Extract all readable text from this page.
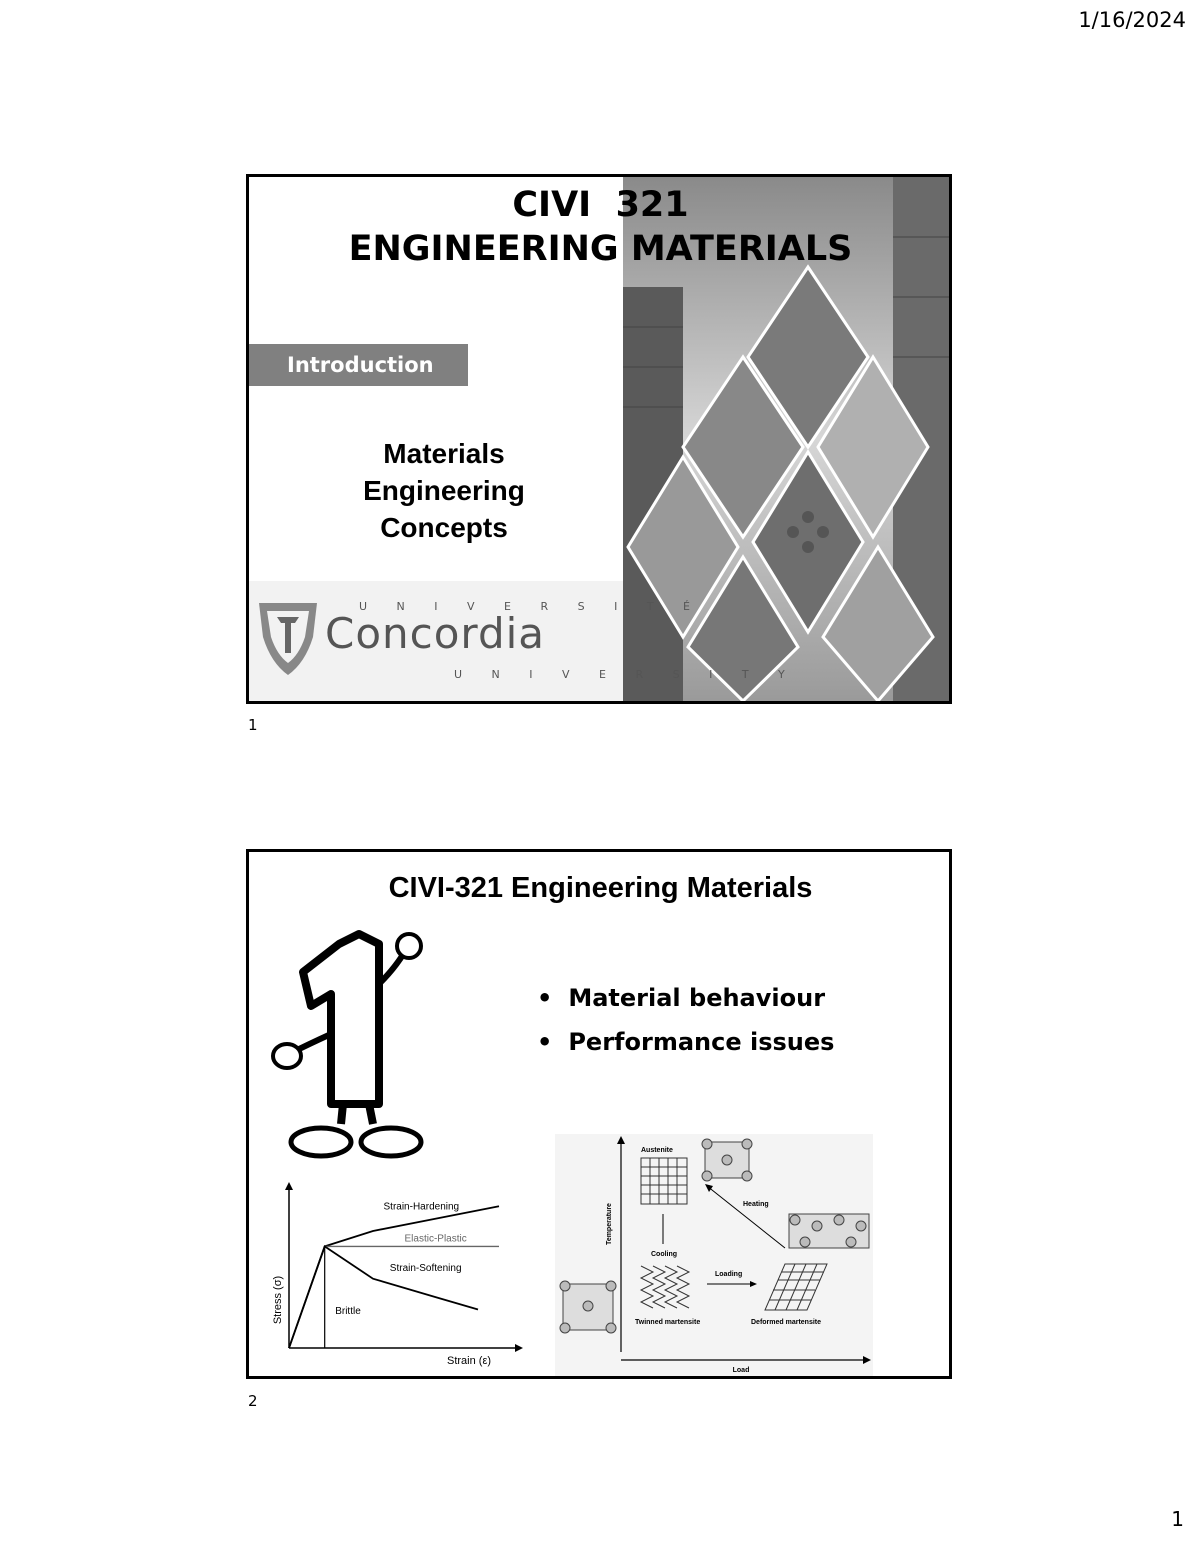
1/16/2024
CIVI  321
ENGINEERING MATERIALS
Introduction
Materials
Engineering
Concepts
U N I V E R S I T É
Concordia
U N I V E R S I T Y
1
CIVI-321 Engineering Materials
• Material behaviour
• Performance issues
Stress (σ)
Strain (ε)
Strain-Hardening
Elastic-Plastic
Strain-Softening
Brittle
Temperature
Load
Austenite
Cooling
Twinned martensite
Loading
Deformed martensite
Heating
2
1
